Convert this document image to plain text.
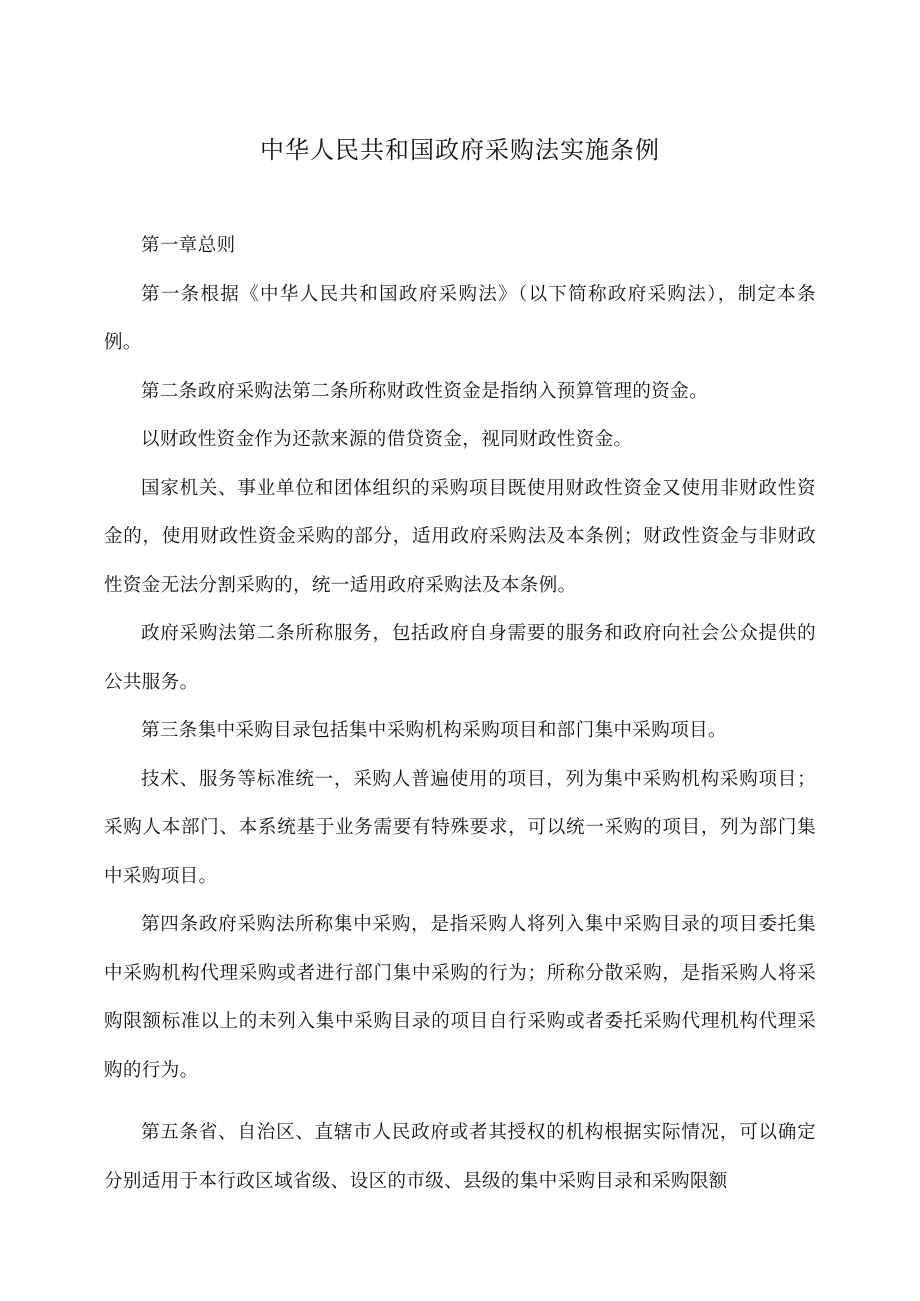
中华人民共和国政府采购法实施条例

第一章总则

第一条根据《中华人民共和国政府采购法》（以下简称政府采购法），制定本条例。

第二条政府采购法第二条所称财政性资金是指纳入预算管理的资金。

以财政性资金作为还款来源的借贷资金，视同财政性资金。

国家机关、事业单位和团体组织的采购项目既使用财政性资金又使用非财政性资金的，使用财政性资金采购的部分，适用政府采购法及本条例；财政性资金与非财政性资金无法分割采购的，统一适用政府采购法及本条例。

政府采购法第二条所称服务，包括政府自身需要的服务和政府向社会公众提供的公共服务。

第三条集中采购目录包括集中采购机构采购项目和部门集中采购项目。

技术、服务等标准统一，采购人普遍使用的项目，列为集中采购机构采购项目；采购人本部门、本系统基于业务需要有特殊要求，可以统一采购的项目，列为部门集中采购项目。

第四条政府采购法所称集中采购，是指采购人将列入集中采购目录的项目委托集中采购机构代理采购或者进行部门集中采购的行为；所称分散采购，是指采购人将采购限额标准以上的未列入集中采购目录的项目自行采购或者委托采购代理机构代理采购的行为。

第五条省、自治区、直辖市人民政府或者其授权的机构根据实际情况，可以确定分别适用于本行政区域省级、设区的市级、县级的集中采购目录和采购限额
